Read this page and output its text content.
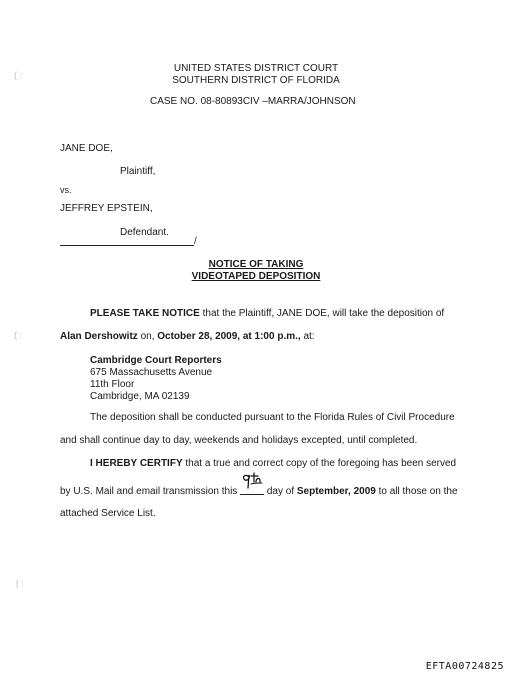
( :
( :
| :
UNITED STATES DISTRICT COURT
SOUTHERN DISTRICT OF FLORIDA
CASE NO. 08-80893CIV –MARRA/JOHNSON
JANE DOE,
Plaintiff,
vs.
JEFFREY EPSTEIN,
Defendant.
/
NOTICE OF TAKING
VIDEOTAPED DEPOSITION
PLEASE TAKE NOTICE that the Plaintiff, JANE DOE, will take the deposition of
Alan Dershowitz on, October 28, 2009, at 1:00 p.m., at:
Cambridge Court Reporters
675 Massachusetts Avenue
11th Floor
Cambridge, MA 02139
The deposition shall be conducted pursuant to the Florida Rules of Civil Procedure
and shall continue day to day, weekends and holidays excepted, until completed.
I HEREBY CERTIFY that a true and correct copy of the foregoing has been served
by U.S. Mail and email transmission this  day of September, 2009 to all those on the
attached Service List.
EFTA00724825
